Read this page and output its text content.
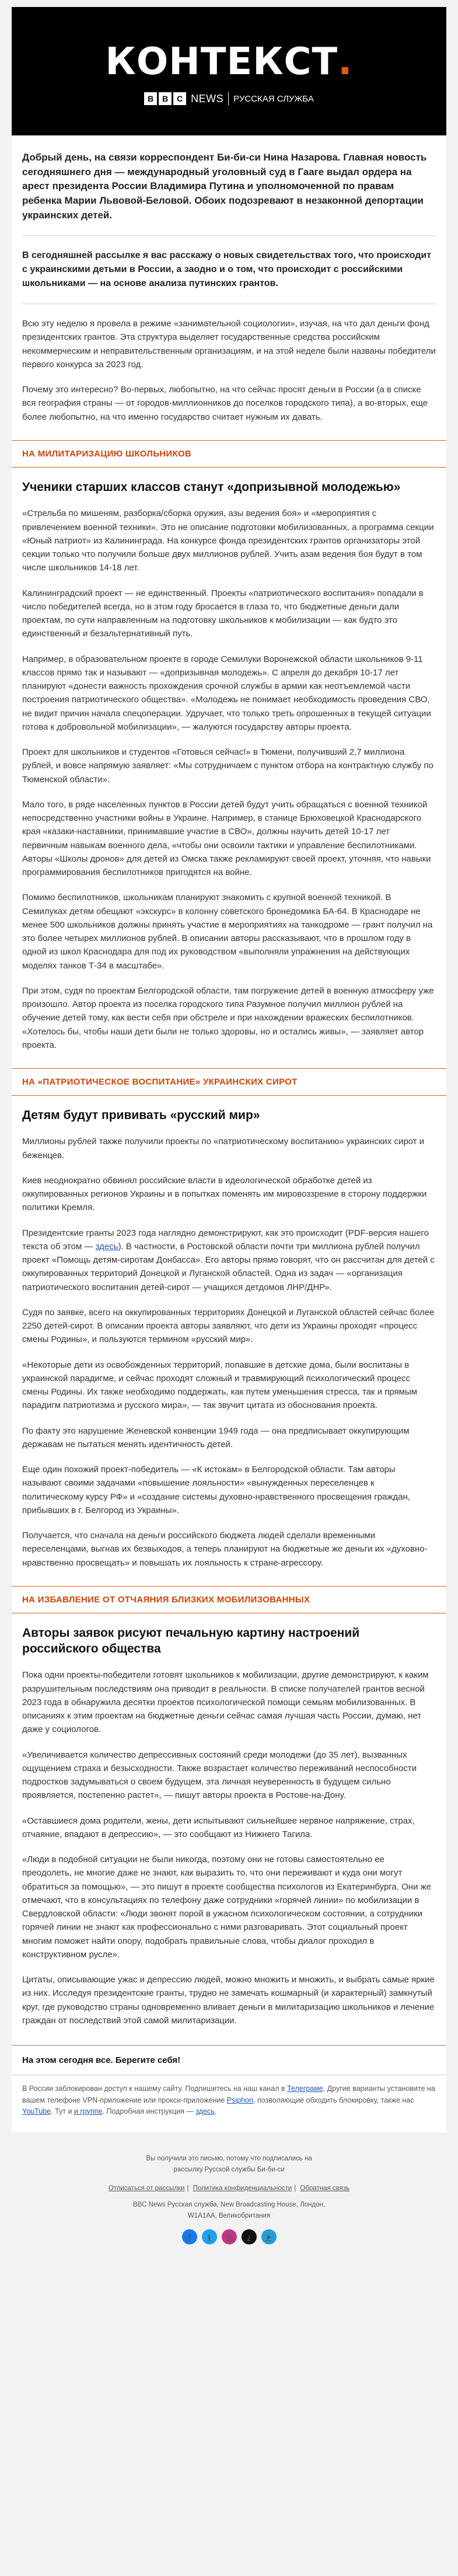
КОНТЕКСТ.
B	B	C NEWS РУССКАЯ СЛУЖБА
Добрый день, на связи корреспондент Би-би-си Нина Назарова. Главная новость сегодняшнего дня — международный уголовный суд в Гааге выдал ордера на арест президента России Владимира Путина и уполномоченной по правам ребенка Марии Львовой-Беловой. Обоих подозревают в незаконной депортации украинских детей.
В сегодняшней рассылке я вас расскажу о новых свидетельствах того, что происходит с украинскими детьми в России, а заодно и о том, что происходит с российскими школьниками — на основе анализа путинских грантов.

Всю эту неделю я провела в режиме «занимательной социологии», изучая, на что дал деньги фонд президентских грантов. Эта структура выделяет государственные средства российским некоммерческим и неправительственным организациям, и на этой неделе были названы победители первого конкурса за 2023 год.

Почему это интересно? Во-первых, любопытно, на что сейчас просят деньги в России (а в списке вся география страны — от городов-миллионников до поселков городского типа), а во-вторых, еще более любопытно, на что именно государство считает нужным их давать.

НА МИЛИТАРИЗАЦИЮ ШКОЛЬНИКОВ
Ученики старших классов станут «допризывной молодежью»

«Стрельба по мишеням, разборка/сборка оружия, азы ведения боя» и «мероприятия с привлечением военной техники». Это не описание подготовки мобилизованных, а программа секции «Юный патриот» из Калининграда. На конкурсе фонда президентских грантов организаторы этой секции только что получили больше двух миллионов рублей. Учить азам ведения боя будут в том числе школьников 14-18 лет.

Калининградский проект — не единственный. Проекты «патриотического воспитания» попадали в число победителей всегда, но в этом году бросается в глаза то, что бюджетные деньги дали проектам, по сути направленным на подготовку школьников к мобилизации — как будто это единственный и безальтернативный путь.

Например, в образовательном проекте в городе Семилуки Воронежской области школьников 9-11 классов прямо так и называют — «допризывная молодежь». С апреля до декабря 10-17 лет планируют «донести важность прохождения срочной службы в армии как неотъемлемой части построения патриотического общества». «Молодежь не понимает необходимость проведения СВО, не видит причин начала спецоперации. Удручает, что только треть опрошенных в текущей ситуации готова к добровольной мобилизации», — жалуются государству авторы проекта.

Проект для школьников и студентов «Готовься сейчас!» в Тюмени, получивший 2,7 миллиона рублей, и вовсе напрямую заявляет: «Мы сотрудничаем с пунктом отбора на контрактную службу по Тюменской области».

Мало того, в ряде населенных пунктов в России детей будут учить обращаться с военной техникой непосредственно участники войны в Украине. Например, в станице Брюховецкой Краснодарского края «казаки-наставники, принимавшие участие в СВО», должны научить детей 10-17 лет первичным навыкам военного дела, «чтобы они освоили тактики и управление беспилотниками. Авторы «Школы дронов» для детей из Омска также рекламируют своей проект, уточняя, что навыки программирования беспилотников пригодятся на войне.

Помимо беспилотников, школьникам планируют знакомить с крупной военной техникой. В Семилуках детям обещают «экскурс» в колонну советского бронедомика БА-64. В Краснодаре не менее 500 школьников должны принять участие в мероприятиях на танкодроме — грант получил на это более четырех миллионов рублей. В описании авторы рассказывают, что в прошлом году в одной из школ Краснодара для под их руководством «выполняли упражнения на действующих моделях танков Т-34 в масштабе».

При этом, судя по проектам Белгородской области, там погружение детей в военную атмосферу уже произошло. Автор проекта из поселка городского типа Разумное получил миллион рублей на обучение детей тому, как вести себя при обстреле и при нахождении вражеских беспилотников. «Хотелось бы, чтобы наши дети были не только здоровы, но и остались живы», — заявляет автор проекта.

НА «ПАТРИОТИЧЕСКОЕ ВОСПИТАНИЕ» УКРАИНСКИХ СИРОТ
Детям будут прививать «русский мир»

Миллионы рублей также получили проекты по «патриотическому воспитанию» украинских сирот и беженцев.

Киев неоднократно обвинял российские власти в идеологической обработке детей из оккупированных регионов Украины и в попытках поменять им мировоззрение в сторону поддержки политики Кремля.

Президентские гранты 2023 года наглядно демонстрируют, как это происходит (PDF-версия нашего текста об этом — здесь). В частности, в Ростовской области почти три миллиона рублей получил проект «Помощь детям-сиротам Донбасса». Его авторы прямо говорят, что он рассчитан для детей с оккупированных территорий Донецкой и Луганской областей. Одна из задач — «организация патриотического воспитания детей-сирот — учащихся детдомов ЛНР/ДНР».

Судя по заявке, всего на оккупированных территориях Донецкой и Луганской областей сейчас более 2250 детей-сирот. В описании проекта авторы заявляют, что дети из Украины проходят «процесс смены Родины», и пользуются термином «русский мир».

«Некоторые дети из освобожденных территорий, попавшие в детские дома, были воспитаны в украинской парадигме, и сейчас проходят сложный и травмирующий психологический процесс смены Родины. Их также необходимо поддержать, как путем уменьшения стресса, так и прямым парадигм патриотизма и русского мира», — так звучит цитата из обоснования проекта.

По факту это нарушение Женевской конвенции 1949 года — она предписывает оккупирующим державам не пытаться менять идентичность детей.

Еще один похожий проект-победитель — «К истокам» в Белгородской области. Там авторы называют своими задачами «повышение лояльности» «вынужденных переселенцев к политическому курсу РФ» и «создание системы духовно-нравственного просвещения граждан, прибывших в г. Белгород из Украины».

Получается, что сначала на деньги российского бюджета людей сделали временными переселенцами, выгнав их безвыходов, а теперь планируют на бюджетные же деньги их «духовно-нравственно просвещать» и повышать их лояльность к стране-агрессору.

НА ИЗБАВЛЕНИЕ ОТ ОТЧАЯНИЯ БЛИЗКИХ МОБИЛИЗОВАННЫХ
Авторы заявок рисуют печальную картину настроений российского общества

Пока одни проекты-победители готовят школьников к мобилизации, другие демонстрируют, к каким разрушительным последствиям она приводит в реальности. В списке получателей грантов весной 2023 года в обнаружила десятки проектов психологической помощи семьям мобилизованных. В описаниях к этим проектам на бюджетные деньги сейчас самая лучшая часть России, думаю, нет даже у социологов.

«Увеличивается количество депрессивных состояний среди молодежи (до 35 лет), вызванных ощущением страха и безысходности. Также возрастает количество переживаний неспособности подростков задумываться о своем будущем, эта личная неуверенность в будущем сильно проявляется, постепенно растет», — пишут авторы проекта в Ростове-на-Дону.

«Оставшиеся дома родители, жены, дети испытывают сильнейшее нервное напряжение, страх, отчаяние, впадают в депрессию», — это сообщают из Нижнего Тагила.

«Люди в подобной ситуации не были никогда, поэтому они не готовы самостоятельно ее преодолеть, не многие даже не знают, как выразить то, что они переживают и куда они могут обратиться за помощью», — это пишут в проекте сообщества психологов из Екатеринбурга. Они же отмечают, что в консультациях по телефону даже сотрудники «горячей линии» по мобилизации в Свердловской области: «Люди звонят порой в ужасном психологическом состоянии, а сотрудники горячей линии не знают как профессионально с ними разговаривать. Этот социальный проект многим поможет найти опору, подобрать правильные слова, чтобы диалог проходил в конструктивном русле».

Цитаты, описывающие ужас и депрессию людей, можно множить и множить, и выбрать самые яркие из них. Исследуя президентские гранты, трудно не замечать кошмарный (и характерный) замкнутый круг, где руководство страны одновременно вливает деньги в милитаризацию школьников и лечение граждан от последствий этой самой милитаризации.

На этом сегодня все. Берегите себя!
В России заблокирован доступ к нашему сайту. Подпишитесь на наш канал в Телеграме. Другие варианты установите на вашем телефоне VPN-приложение или прокси-приложение Psiphon, позволяющие обходить блокировку, также нас YouTube. Тут и и группе. Подробная инструкция — здесь.
Вы получили это письмо, потому что подписались на рассылку Русской службы Би-би-си
Отписаться от рассылки | Политика конфиденциальности | Обратная связь
BBC News Русская служба, New Broadcasting House, Лондон, W1A1AA, Великобритания
f	t	◎	♪	➤
